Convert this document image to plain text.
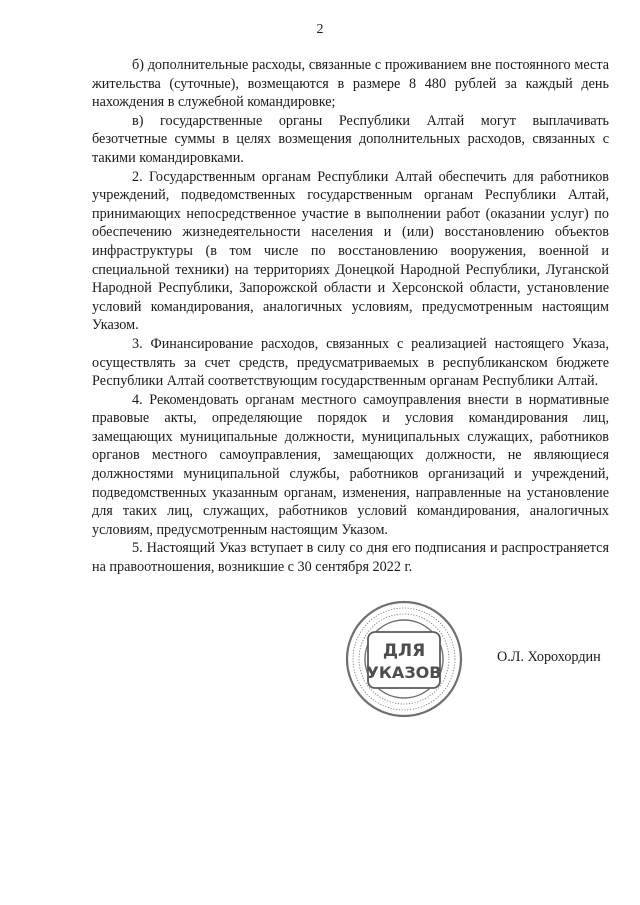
2

б) дополнительные расходы, связанные с проживанием вне постоянного места жительства (суточные), возмещаются в размере 8 480 рублей за каждый день нахождения в служебной командировке;

в) государственные органы Республики Алтай могут выплачивать безотчетные суммы в целях возмещения дополнительных расходов, связанных с такими командировками.

2. Государственным органам Республики Алтай обеспечить для работников учреждений, подведомственных государственным органам Республики Алтай, принимающих непосредственное участие в выполнении работ (оказании услуг) по обеспечению жизнедеятельности населения и (или) восстановлению объектов инфраструктуры (в том числе по восстановлению вооружения, военной и специальной техники) на территориях Донецкой Народной Республики, Луганской Народной Республики, Запорожской области и Херсонской области, установление условий командирования, аналогичных условиям, предусмотренным настоящим Указом.

3. Финансирование расходов, связанных с реализацией настоящего Указа, осуществлять за счет средств, предусматриваемых в республиканском бюджете Республики Алтай соответствующим государственным органам Республики Алтай.

4. Рекомендовать органам местного самоуправления внести в нормативные правовые акты, определяющие порядок и условия командирования лиц, замещающих муниципальные должности, муниципальных служащих, работников органов местного самоуправления, замещающих должности, не являющиеся должностями муниципальной службы, работников организаций и учреждений, подведомственных указанным органам, изменения, направленные на установление для таких лиц, служащих, работников условий командирования, аналогичных условиям, предусмотренным настоящим Указом.

5. Настоящий Указ вступает в силу со дня его подписания и распространяется на правоотношения, возникшие с 30 сентября 2022 г.

ДЛЯ
УКАЗОВ
О.Л. Хорохордин
